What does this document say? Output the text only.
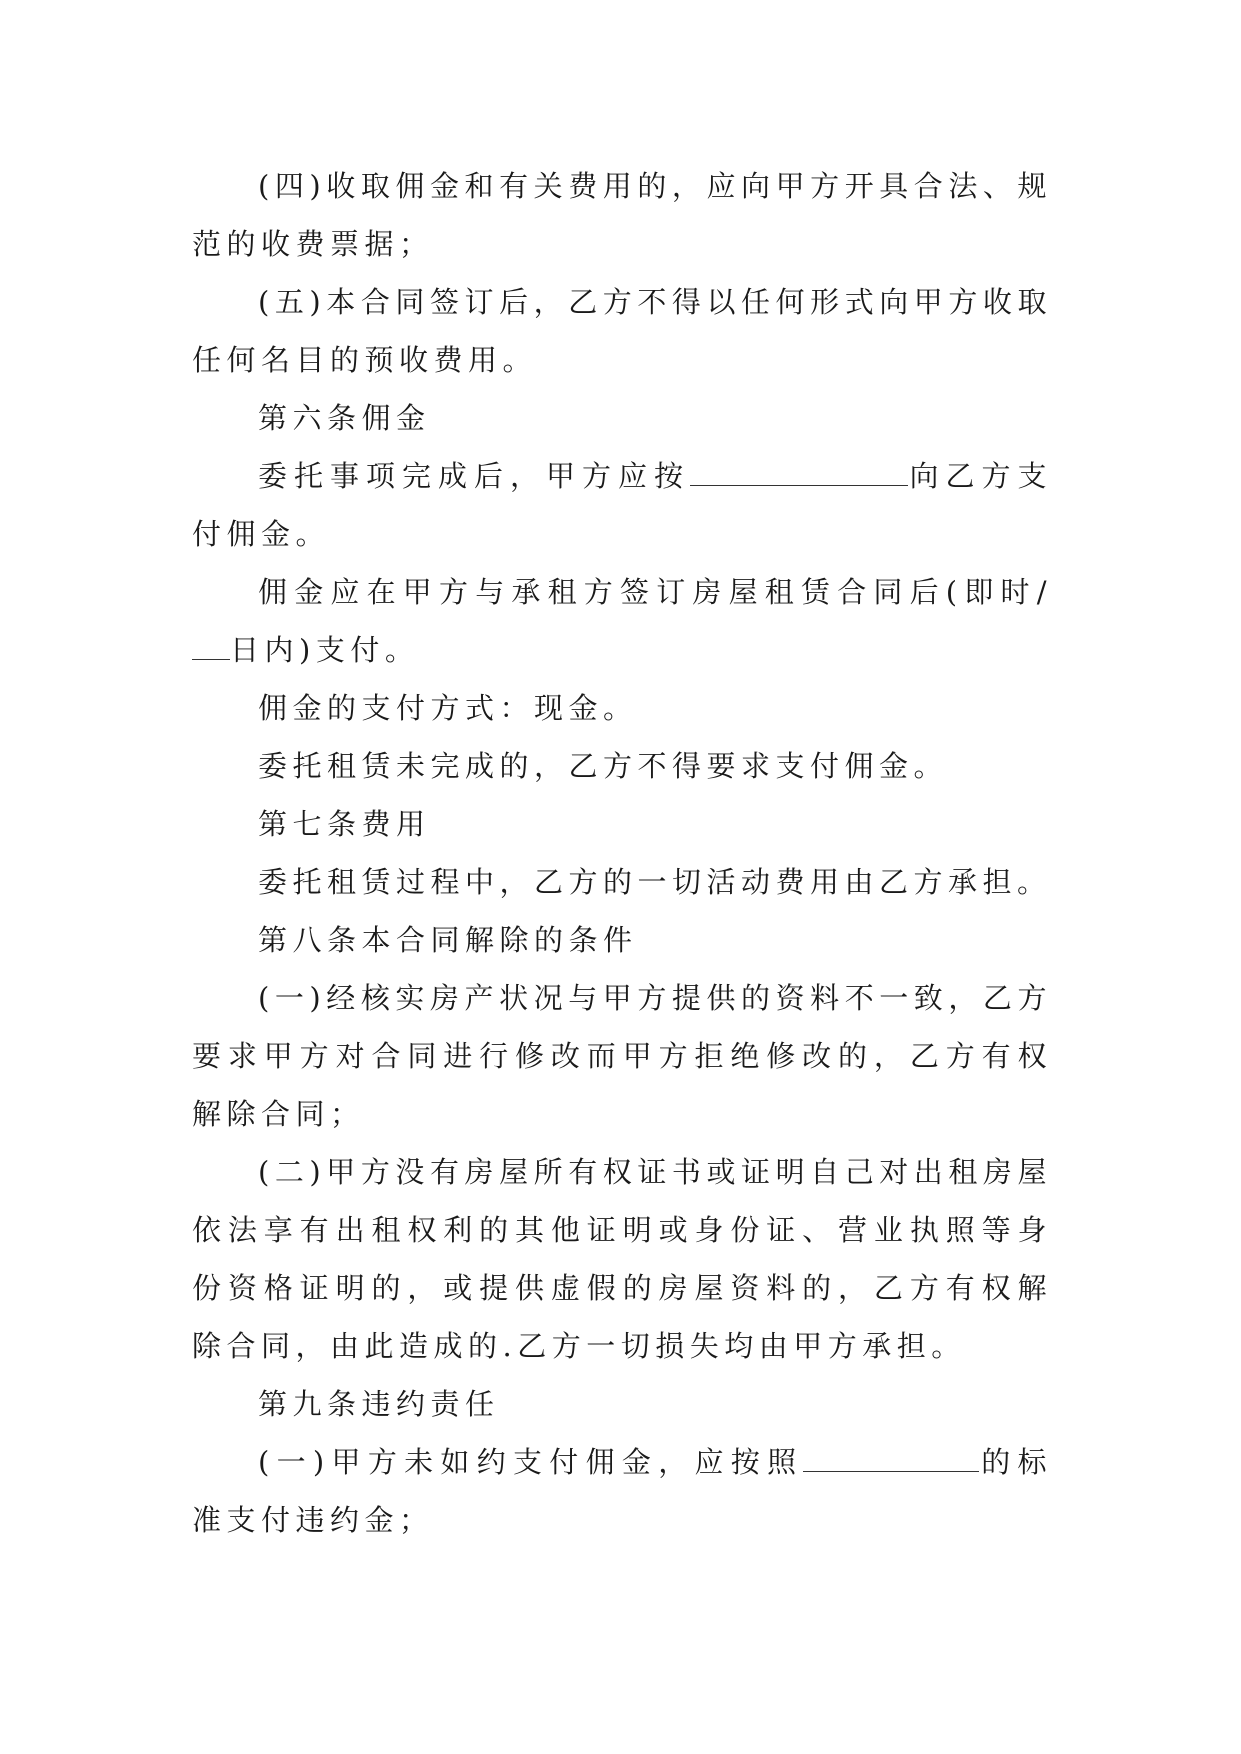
(四)收取佣金和有关费用的，应向甲方开具合法、规范的收费票据；

(五)本合同签订后，乙方不得以任何形式向甲方收取任何名目的预收费用。

第六条佣金

委托事项完成后，甲方应按	向乙方支付佣金。

佣金应在甲方与承租方签订房屋租赁合同后(即时/日内)支付。

佣金的支付方式：现金。

委托租赁未完成的，乙方不得要求支付佣金。

第七条费用

委托租赁过程中，乙方的一切活动费用由乙方承担。

第八条本合同解除的条件

(一)经核实房产状况与甲方提供的资料不一致，乙方要求甲方对合同进行修改而甲方拒绝修改的，乙方有权解除合同；

(二)甲方没有房屋所有权证书或证明自己对出租房屋依法享有出租权利的其他证明或身份证、营业执照等身份资格证明的，或提供虚假的房屋资料的，乙方有权解除合同，由此造成的.乙方一切损失均由甲方承担。

第九条违约责任

(一)甲方未如约支付佣金，应按照	的标准支付违约金；
